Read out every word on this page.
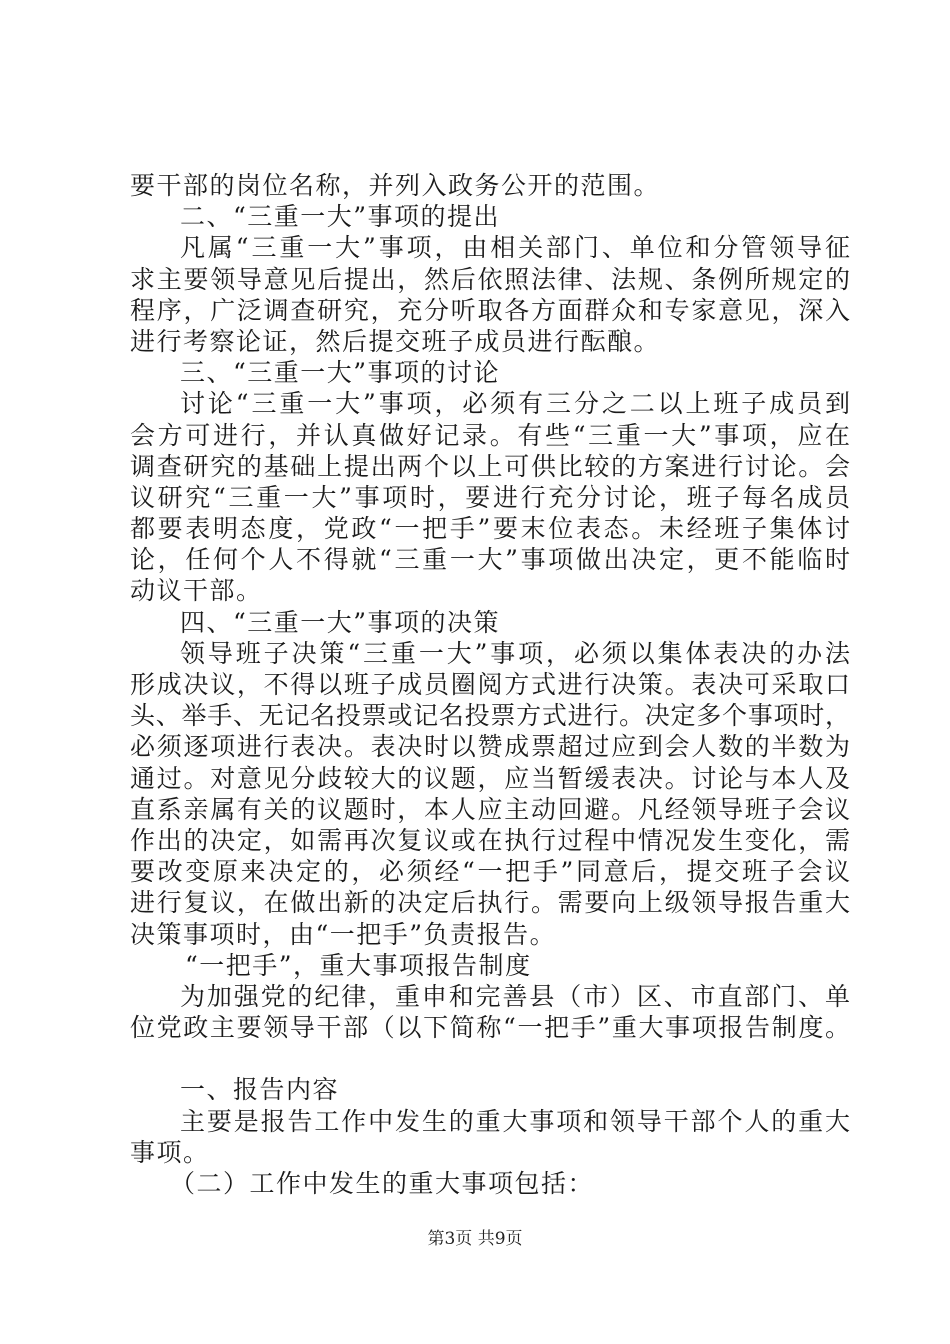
要干部的岗位名称，并列入政务公开的范围。
二、“三重一大”事项的提出
凡属“三重一大”事项，由相关部门、单位和分管领导征
求主要领导意见后提出，然后依照法律、法规、条例所规定的
程序，广泛调查研究，充分听取各方面群众和专家意见，深入
进行考察论证，然后提交班子成员进行酝酿。
三、“三重一大”事项的讨论
讨论“三重一大”事项，必须有三分之二以上班子成员到
会方可进行，并认真做好记录。有些“三重一大”事项，应在
调查研究的基础上提出两个以上可供比较的方案进行讨论。会
议研究“三重一大”事项时，要进行充分讨论，班子每名成员
都要表明态度，党政“一把手”要末位表态。未经班子集体讨
论，任何个人不得就“三重一大”事项做出决定，更不能临时
动议干部。
四、“三重一大”事项的决策
领导班子决策“三重一大”事项，必须以集体表决的办法
形成决议，不得以班子成员圈阅方式进行决策。表决可采取口
头、举手、无记名投票或记名投票方式进行。决定多个事项时，
必须逐项进行表决。表决时以赞成票超过应到会人数的半数为
通过。对意见分歧较大的议题，应当暂缓表决。讨论与本人及
直系亲属有关的议题时，本人应主动回避。凡经领导班子会议
作出的决定，如需再次复议或在执行过程中情况发生变化，需
要改变原来决定的，必须经“一把手”同意后，提交班子会议
进行复议，在做出新的决定后执行。需要向上级领导报告重大
决策事项时，由“一把手”负责报告。
“一把手”，重大事项报告制度
为加强党的纪律，重申和完善县（市）区、市直部门、单
位党政主要领导干部（以下简称“一把手”重大事项报告制度。
一、报告内容
主要是报告工作中发生的重大事项和领导干部个人的重大
事项。
（二）工作中发生的重大事项包括：
第3页 共9页
